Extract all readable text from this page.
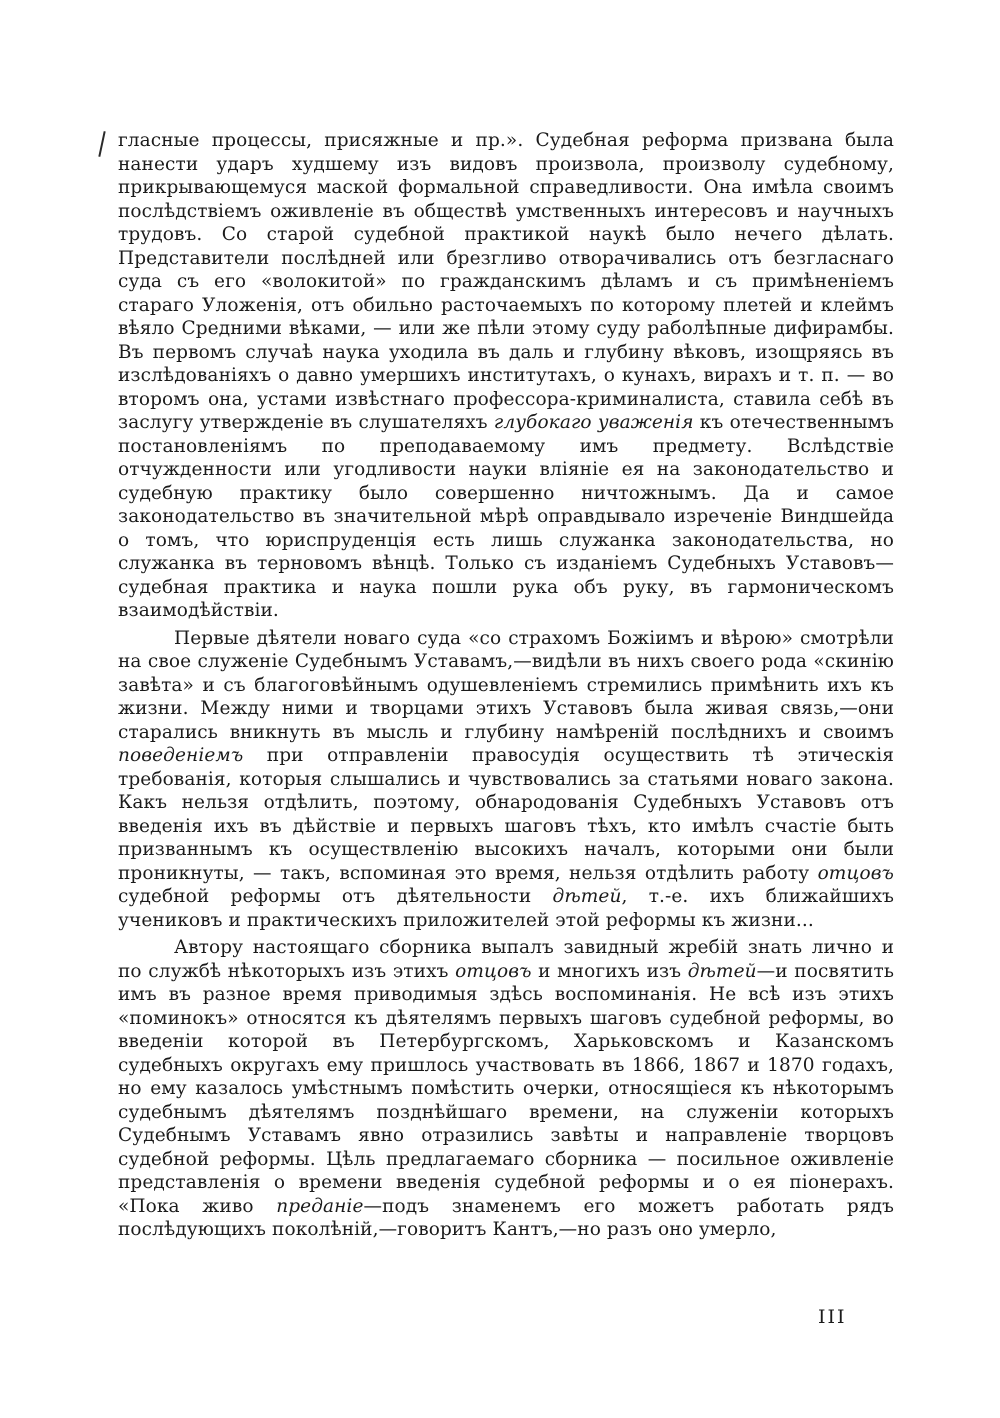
гласные процессы, присяжные и пр.». Судебная реформа призвана была нанести ударъ худшему изъ видовъ произвола, произволу судебному, прикрывающемуся маской формальной справедливости. Она имѣла своимъ послѣдствіемъ оживленіе въ обществѣ умственныхъ интересовъ и научныхъ трудовъ. Со старой судебной практикой наукѣ было нечего дѣлать. Представители послѣдней или брезгливо отворачивались отъ безгласнаго суда съ его «волокитой» по гражданскимъ дѣламъ и съ примѣненіемъ стараго Уложенія, отъ обильно расточаемыхъ по которому плетей и клеймъ вѣяло Средними вѣками, — или же пѣли этому суду раболѣпные дифирамбы. Въ первомъ случаѣ наука уходила въ даль и глубину вѣковъ, изощряясь въ изслѣдованіяхъ о давно умершихъ институтахъ, о кунахъ, вирахъ и т. п. — во второмъ она, устами извѣстнаго профессора-криминалиста, ставила себѣ въ заслугу утвержденіе въ слушателяхъ глубокаго уваженія къ отечественнымъ постановленіямъ по преподаваемому имъ предмету. Вслѣдствіе отчужденности или угодливости науки вліяніе ея на законодательство и судебную практику было совершенно ничтожнымъ. Да и самое законодательство въ значительной мѣрѣ оправдывало изреченіе Виндшейда о томъ, что юриспруденція есть лишь служанка законодательства, но служанка въ терновомъ вѣнцѣ. Только съ изданіемъ Судебныхъ Уставовъ—судебная практика и наука пошли рука объ руку, въ гармоническомъ взаимодѣйствіи.

Первые дѣятели новаго суда «со страхомъ Божіимъ и вѣрою» смотрѣли на свое служеніе Судебнымъ Уставамъ,—видѣли въ нихъ своего рода «скинію завѣта» и съ благоговѣйнымъ одушевленіемъ стремились примѣнить ихъ къ жизни. Между ними и творцами этихъ Уставовъ была живая связь,—они старались вникнуть въ мысль и глубину намѣреній послѣднихъ и своимъ поведеніемъ при отправленіи правосудія осуществить тѣ этическія требованія, которыя слышались и чувствовались за статьями новаго закона. Какъ нельзя отдѣлить, поэтому, обнародованія Судебныхъ Уставовъ отъ введенія ихъ въ дѣйствіе и первыхъ шаговъ тѣхъ, кто имѣлъ счастіе быть призваннымъ къ осуществленію высокихъ началъ, которыми они были проникнуты, — такъ, вспоминая это время, нельзя отдѣлить работу отцовъ судебной реформы отъ дѣятельности дѣтей, т.-е. ихъ ближайшихъ учениковъ и практическихъ приложителей этой реформы къ жизни...

Автору настоящаго сборника выпалъ завидный жребій знать лично и по службѣ нѣкоторыхъ изъ этихъ отцовъ и многихъ изъ дѣтей—и посвятить имъ въ разное время приводимыя здѣсь воспоминанія. Не всѣ изъ этихъ «поминокъ» относятся къ дѣятелямъ первыхъ шаговъ судебной реформы, во введеніи которой въ Петербургскомъ, Харьковскомъ и Казанскомъ судебныхъ округахъ ему пришлось участвовать въ 1866, 1867 и 1870 годахъ, но ему казалось умѣстнымъ помѣстить очерки, относящіеся къ нѣкоторымъ судебнымъ дѣятелямъ позднѣйшаго времени, на служеніи которыхъ Судебнымъ Уставамъ явно отразились завѣты и направленіе творцовъ судебной реформы. Цѣль предлагаемаго сборника — посильное оживленіе представленія о времени введенія судебной реформы и о ея піонерахъ. «Пока живо преданіе—подъ знаменемъ его можетъ работать рядъ послѣдующихъ поколѣній,—говоритъ Кантъ,—но разъ оно умерло,

III
